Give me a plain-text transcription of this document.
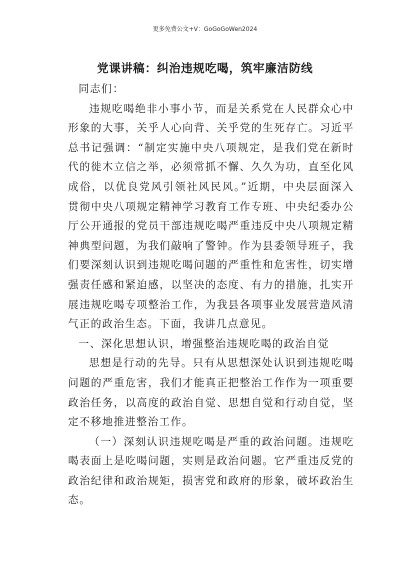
更多免费公文+V：GoGoGoWen2024
党课讲稿：纠治违规吃喝，筑牢廉洁防线

同志们：

违规吃喝绝非小事小节，而是关系党在人民群众心中形象的大事，关乎人心向背、关乎党的生死存亡。习近平总书记强调：“制定实施中央八项规定，是我们党在新时代的徙木立信之举，必须常抓不懈、久久为功，直至化风成俗，以优良党风引领社风民风。”近期，中央层面深入贯彻中央八项规定精神学习教育工作专班、中央纪委办公厅公开通报的党员干部违规吃喝严重违反中央八项规定精神典型问题，为我们敲响了警钟。作为县委领导班子，我们要深刻认识到违规吃喝问题的严重性和危害性，切实增强责任感和紧迫感，以坚决的态度、有力的措施，扎实开展违规吃喝专项整治工作，为我县各项事业发展营造风清气正的政治生态。下面，我讲几点意见。

一、深化思想认识，增强整治违规吃喝的政治自觉

思想是行动的先导。只有从思想深处认识到违规吃喝问题的严重危害，我们才能真正把整治工作作为一项重要政治任务，以高度的政治自觉、思想自觉和行动自觉，坚定不移地推进整治工作。

（一）深刻认识违规吃喝是严重的政治问题。违规吃喝表面上是吃喝问题，实则是政治问题。它严重违反党的政治纪律和政治规矩，损害党和政府的形象，破坏政治生态。
